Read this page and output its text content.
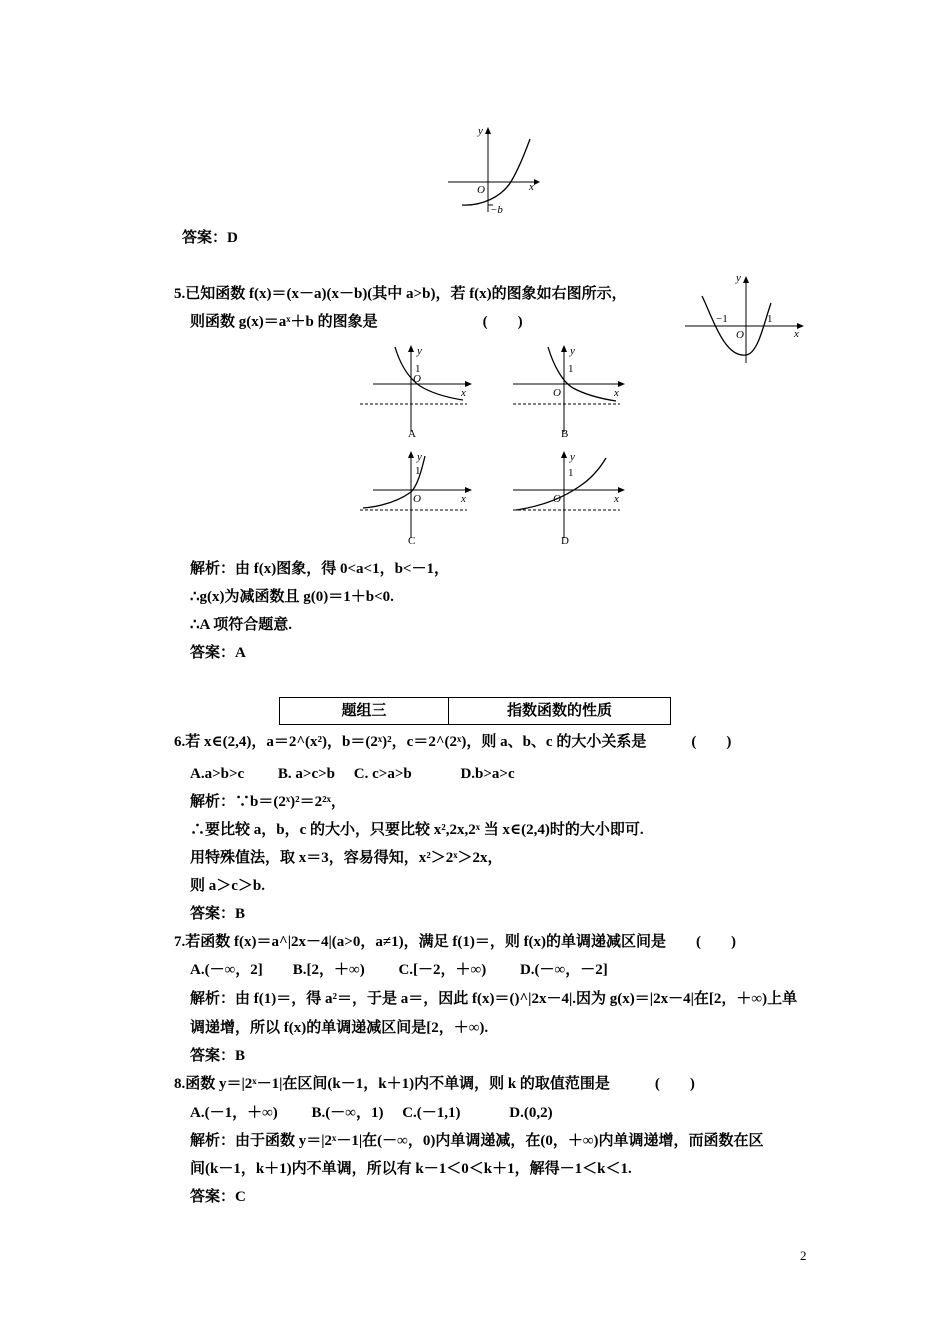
y
x
O
−b
y
x
O
−1	1
y
1
O
x
A
y
1
O	x
B
y
1
O	x
C
y
1
O	x
D
答案：D
5.已知函数 f(x)＝(x－a)(x－b)(其中 a>b)，若 f(x)的图象如右图所示，
则函数 g(x)＝aˣ＋b 的图象是　　　　　　　(　　)
解析：由 f(x)图象，得 0<a<1，b<－1，
∴g(x)为减函数且 g(0)＝1＋b<0.
∴A 项符合题意.
答案：A
题组三	指数函数的性质
6.若 x∈(2,4)，a＝2^(x²)，b＝(2ˣ)²，c＝2^(2ˣ)，则 a、b、c 的大小关系是　　　(　　)
A.a>b>c　　 B. a>c>b　 C. c>a>b　　　 D.b>a>c
解析：∵b＝(2ˣ)²＝2²ˣ，
∴要比较 a，b，c 的大小，只要比较 x²,2x,2ˣ 当 x∈(2,4)时的大小即可.
用特殊值法，取 x＝3，容易得知，x²＞2ˣ＞2x，
则 a＞c＞b.
答案：B
7.若函数 f(x)＝a^|2x－4|(a>0，a≠1)，满足 f(1)＝，则 f(x)的单调递减区间是　　(　　)
A.(－∞，2]　　B.[2，＋∞)　　 C.[－2，＋∞)　　 D.(－∞，－2]
解析：由 f(1)＝，得 a²＝，于是 a＝，因此 f(x)＝()^|2x－4|.因为 g(x)＝|2x－4|在[2，＋∞)上单
调递增，所以 f(x)的单调递减区间是[2，＋∞).
答案：B
8.函数 y＝|2ˣ－1|在区间(k－1，k＋1)内不单调，则 k 的取值范围是　　　(　　)
A.(－1，＋∞)　　 B.(－∞，1)　 C.(－1,1)　　　 D.(0,2)
解析：由于函数 y＝|2ˣ－1|在(－∞，0)内单调递减，在(0，＋∞)内单调递增，而函数在区
间(k－1，k＋1)内不单调，所以有 k－1＜0＜k＋1，解得－1＜k＜1.
答案：C
2
